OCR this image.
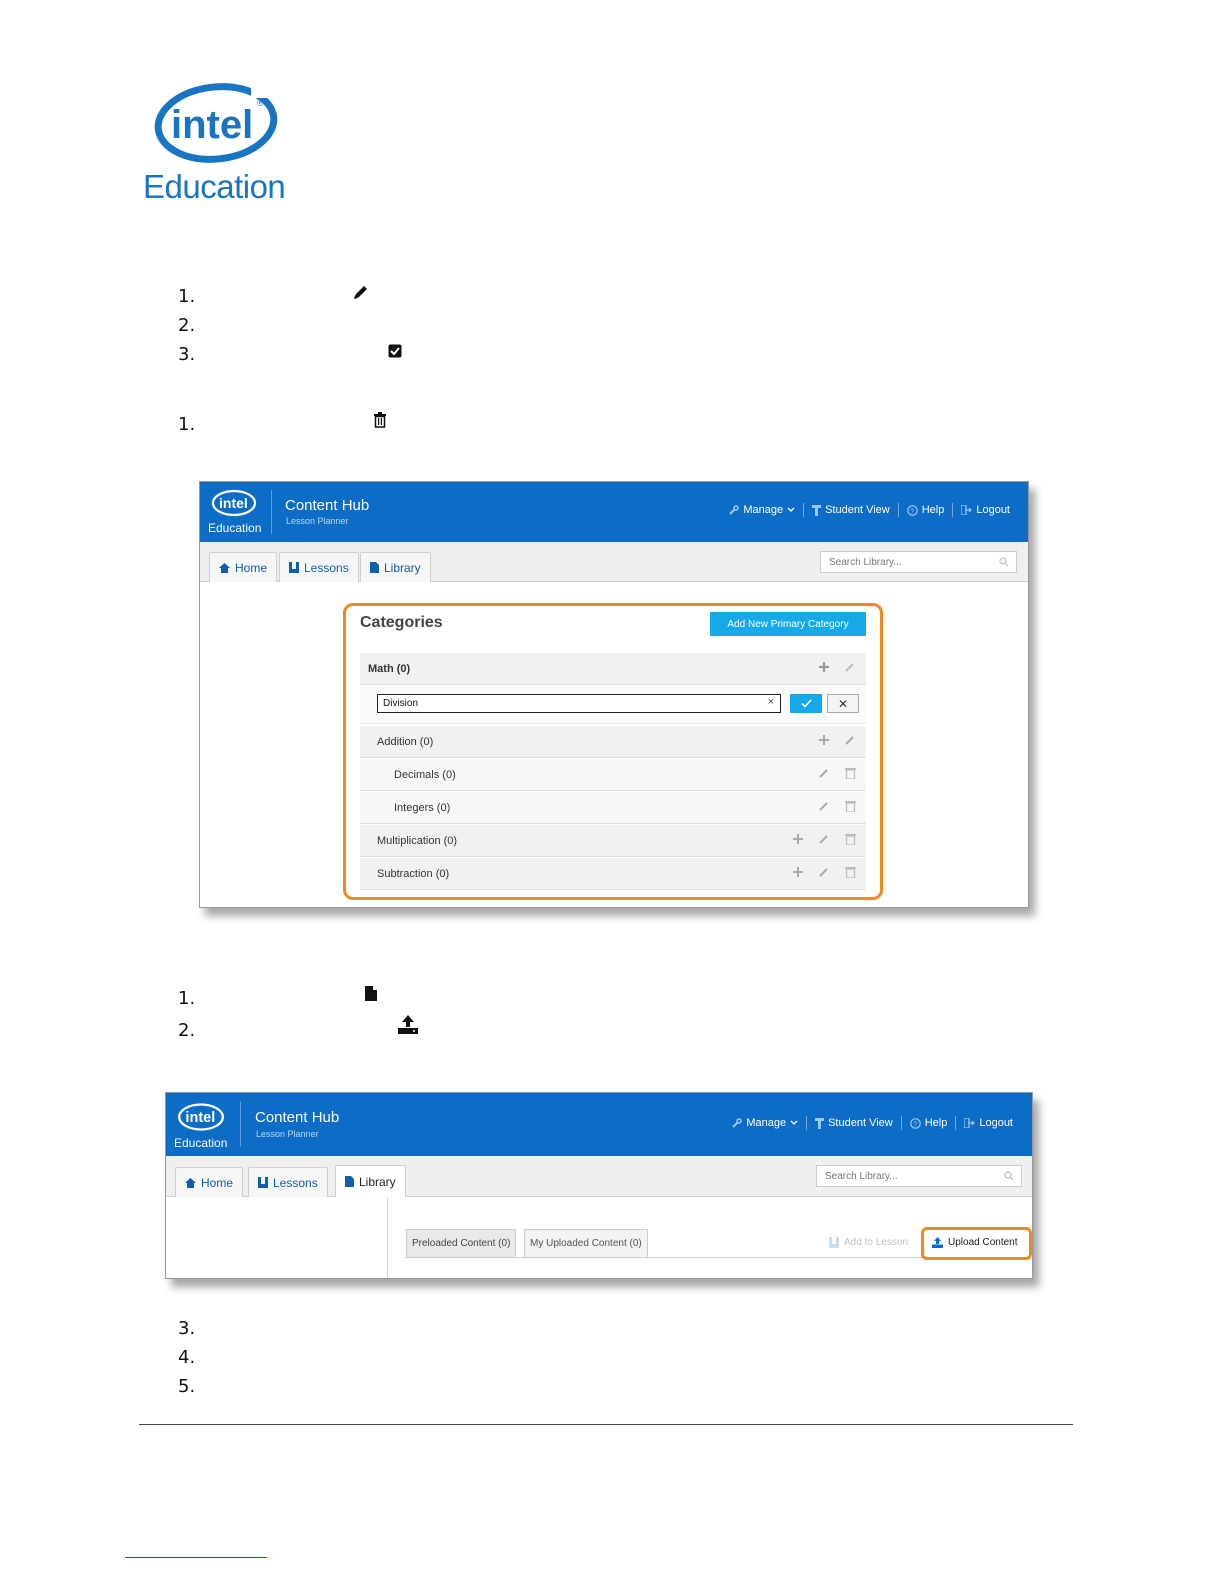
intel ®
Education
1.
2.
3.
1.
intel
Education
Content Hub
Lesson Planner
Manage	Student View	? Help	Logout
Home	Lessons	Library	Search Library...
Categories	Add New Primary Category
Math (0)
Division	×	✕
Addition (0)
Decimals (0)
Integers (0)
Multiplication (0)
Subtraction (0)
1.
2.
intel
Education
Content Hub
Lesson Planner
Manage	Student View	? Help	Logout
Home	Lessons	Library	Search Library...
Preloaded Content (0)	My Uploaded Content (0)	Add to Lesson	Upload Content
3.
4.
5.
